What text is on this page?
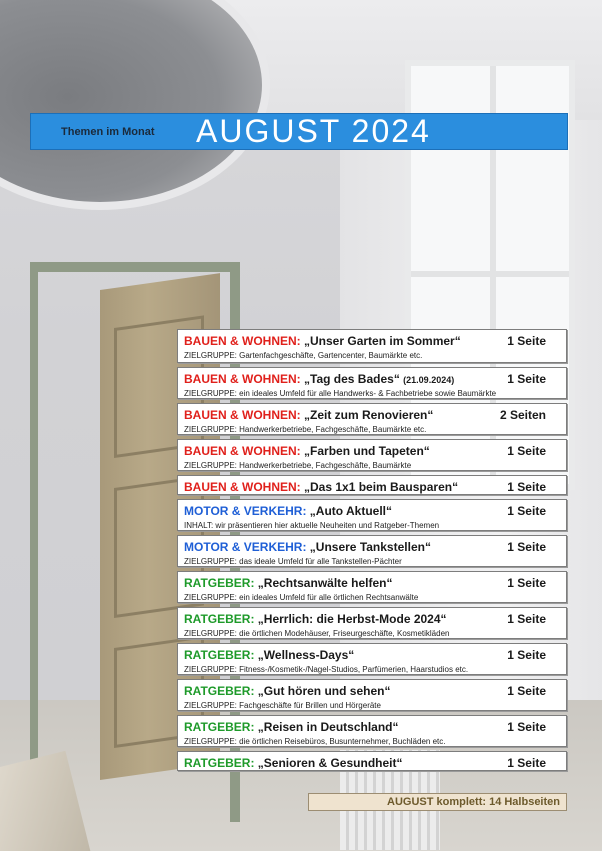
Themen im Monat	AUGUST 2024
BAUEN & WOHNEN: „Unser Garten im Sommer“	1 Seite
ZIELGRUPPE: Gartenfachgeschäfte, Gartencenter, Baumärkte etc.
BAUEN & WOHNEN: „Tag des Bades“ (21.09.2024)	1 Seite
ZIELGRUPPE: ein ideales Umfeld für alle Handwerks- & Fachbetriebe sowie Baumärkte
BAUEN & WOHNEN: „Zeit zum Renovieren“	2 Seiten
ZIELGRUPPE: Handwerkerbetriebe, Fachgeschäfte, Baumärkte etc.
BAUEN & WOHNEN: „Farben und Tapeten“	1 Seite
ZIELGRUPPE: Handwerkerbetriebe, Fachgeschäfte, Baumärkte
BAUEN & WOHNEN: „Das 1x1 beim Bausparen“	1 Seite
MOTOR & VERKEHR: „Auto Aktuell“	1 Seite
INHALT: wir präsentieren hier aktuelle Neuheiten und Ratgeber-Themen
MOTOR & VERKEHR: „Unsere Tankstellen“	1 Seite
ZIELGRUPPE: das ideale Umfeld für alle Tankstellen-Pächter
RATGEBER: „Rechtsanwälte helfen“	1 Seite
ZIELGRUPPE: ein ideales Umfeld für alle örtlichen Rechtsanwälte
RATGEBER: „Herrlich: die Herbst-Mode 2024“	1 Seite
ZIELGRUPPE: die örtlichen Modehäuser, Friseurgeschäfte, Kosmetikläden
RATGEBER: „Wellness-Days“	1 Seite
ZIELGRUPPE: Fitness-/Kosmetik-/Nagel-Studios, Parfümerien, Haarstudios etc.
RATGEBER: „Gut hören und sehen“	1 Seite
ZIELGRUPPE: Fachgeschäfte für Brillen und Hörgeräte
RATGEBER: „Reisen in Deutschland“	1 Seite
ZIELGRUPPE: die örtlichen Reisebüros, Busunternehmer, Buchläden etc.
RATGEBER: „Senioren & Gesundheit“	1 Seite
AUGUST komplett: 14 Halbseiten
